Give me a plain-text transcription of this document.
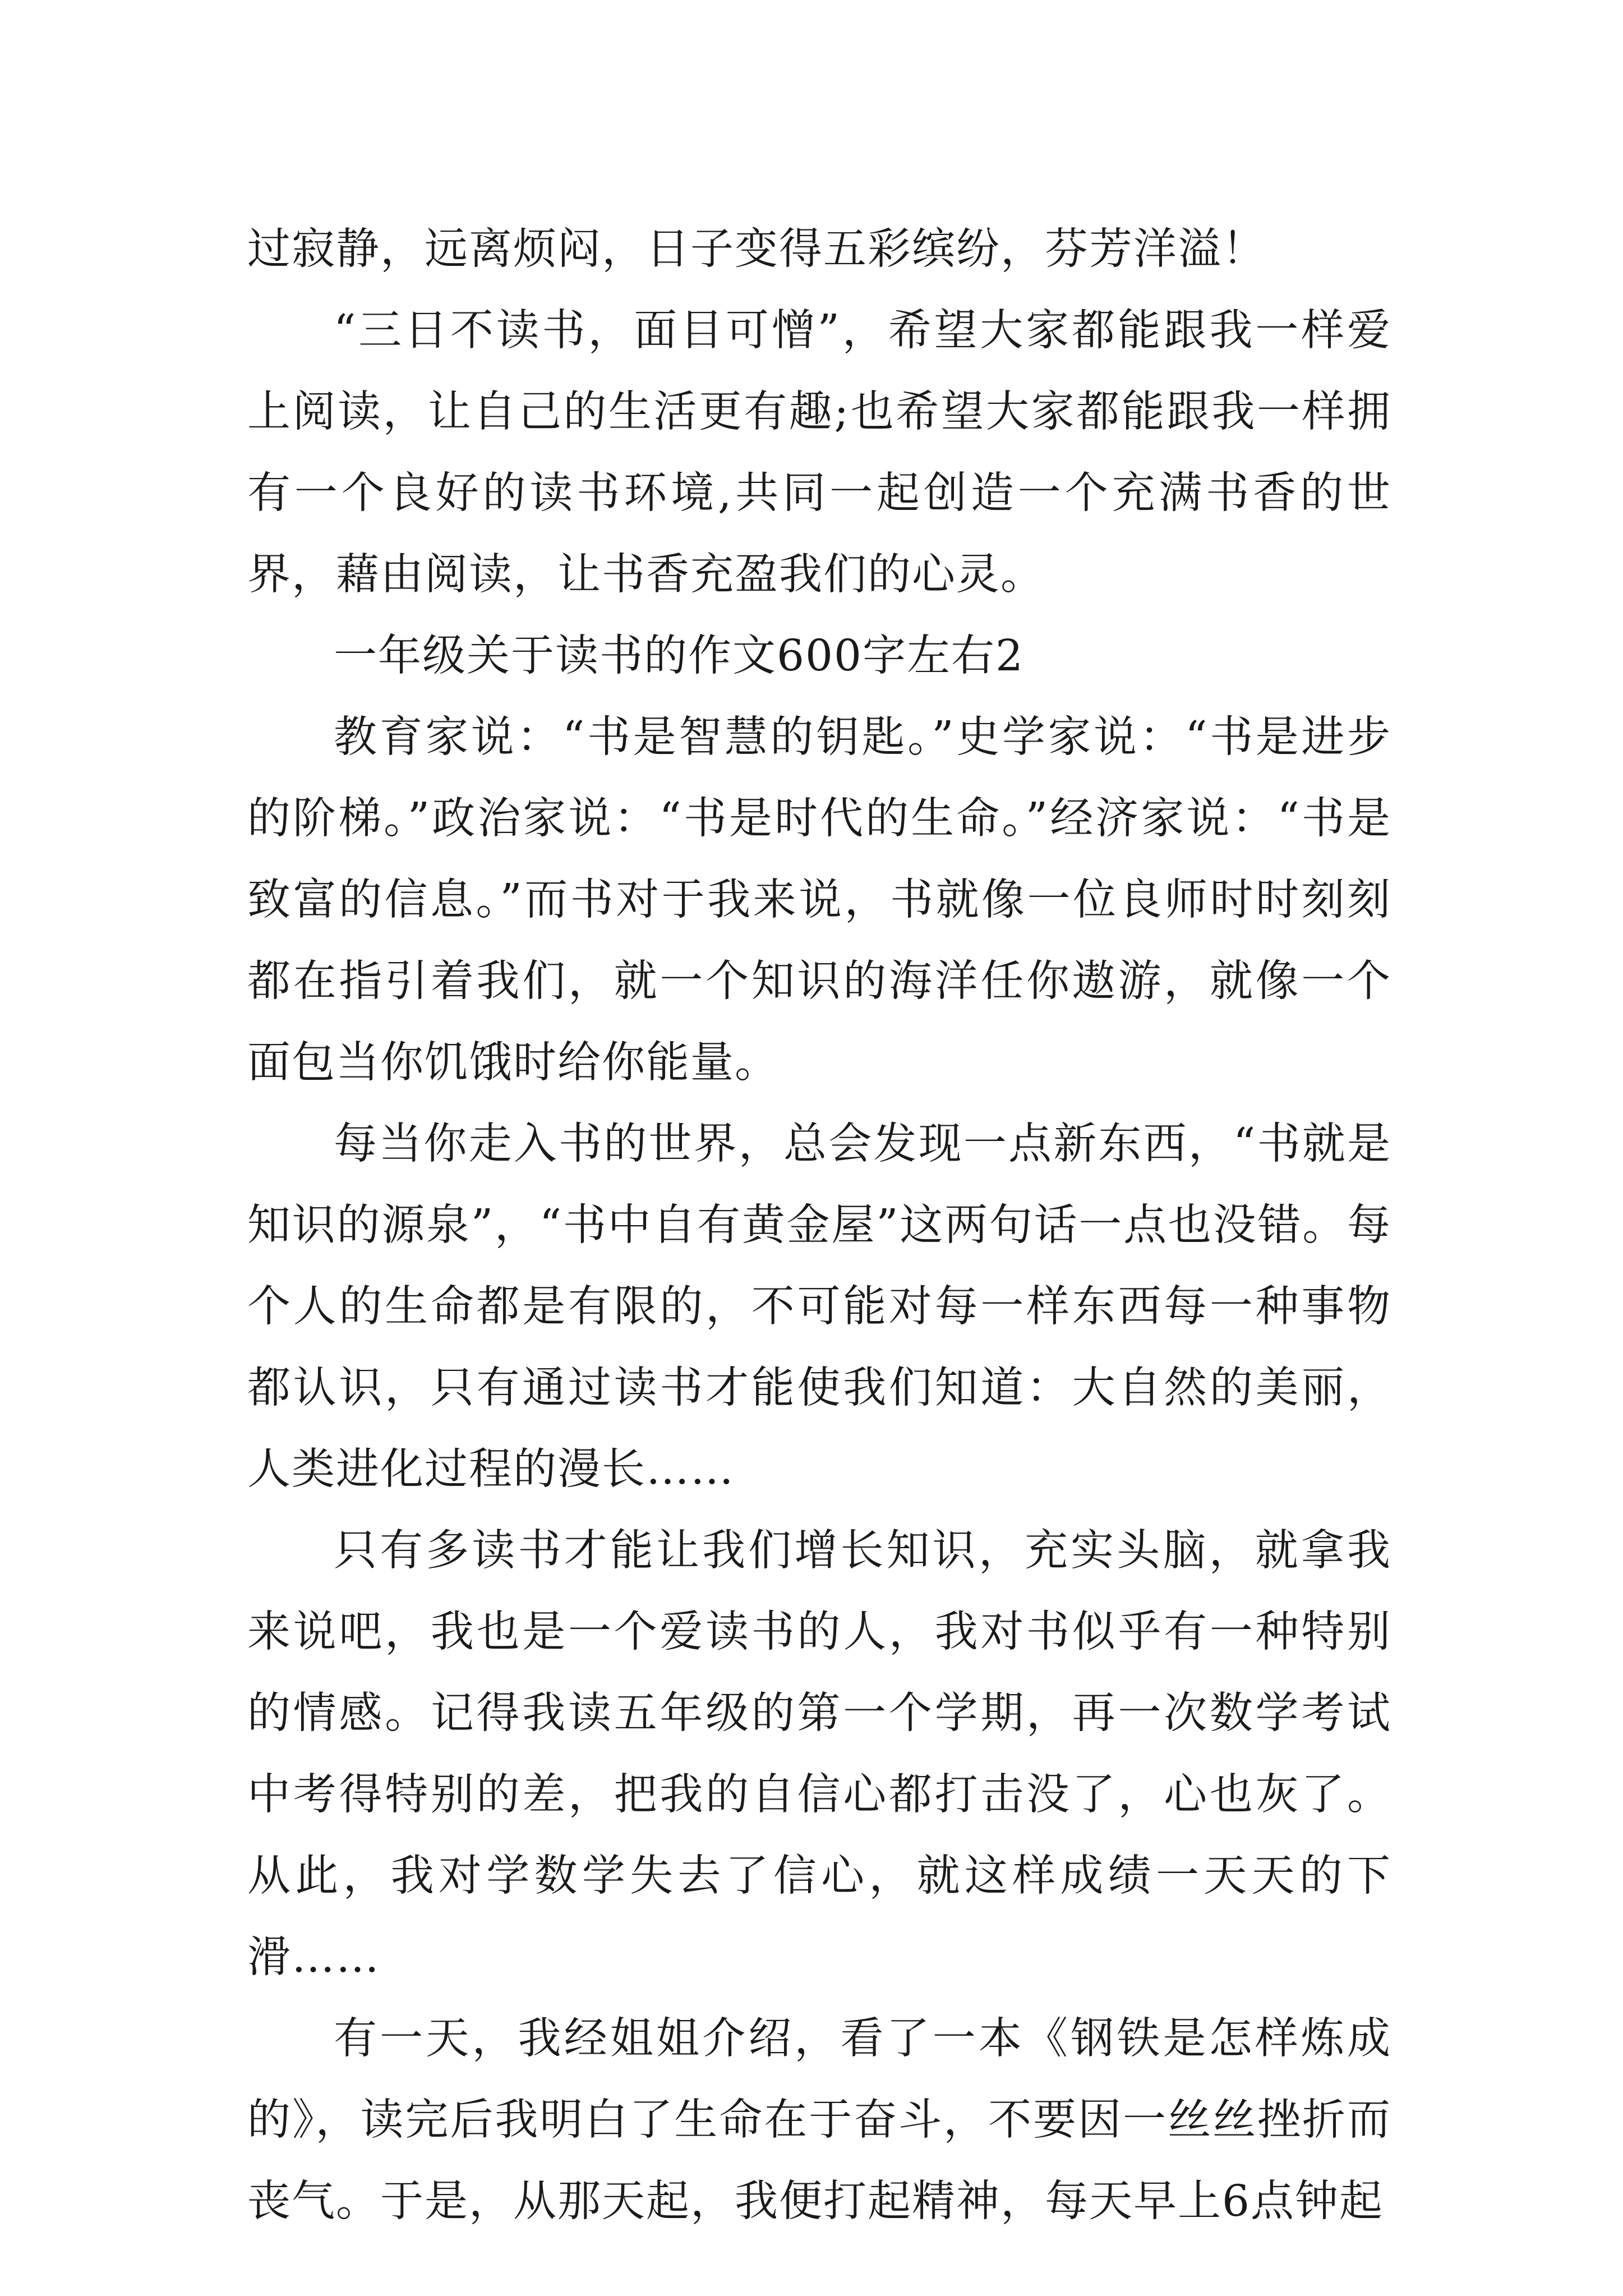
过寂静，远离烦闷，日子变得五彩缤纷，芬芳洋溢！

“三日不读书，面目可憎”，希望大家都能跟我一样爱上阅读，让自己的生活更有趣;也希望大家都能跟我一样拥有一个良好的读书环境,共同一起创造一个充满书香的世界，藉由阅读，让书香充盈我们的心灵。

一年级关于读书的作文600字左右2

教育家说：“书是智慧的钥匙。”史学家说：“书是进步的阶梯。”政治家说：“书是时代的生命。”经济家说：“书是致富的信息。”而书对于我来说，书就像一位良师时时刻刻都在指引着我们，就一个知识的海洋任你遨游，就像一个面包当你饥饿时给你能量。

每当你走入书的世界，总会发现一点新东西，“书就是知识的源泉”，“书中自有黄金屋”这两句话一点也没错。每个人的生命都是有限的，不可能对每一样东西每一种事物都认识，只有通过读书才能使我们知道：大自然的美丽，人类进化过程的漫长……

只有多读书才能让我们增长知识，充实头脑，就拿我来说吧，我也是一个爱读书的人，我对书似乎有一种特别的情感。记得我读五年级的第一个学期，再一次数学考试中考得特别的差，把我的自信心都打击没了，心也灰了。从此，我对学数学失去了信心，就这样成绩一天天的下滑……

有一天，我经姐姐介绍，看了一本《钢铁是怎样炼成的》，读完后我明白了生命在于奋斗，不要因一丝丝挫折而丧气。于是，从那天起，我便打起精神，每天早上6点钟起
